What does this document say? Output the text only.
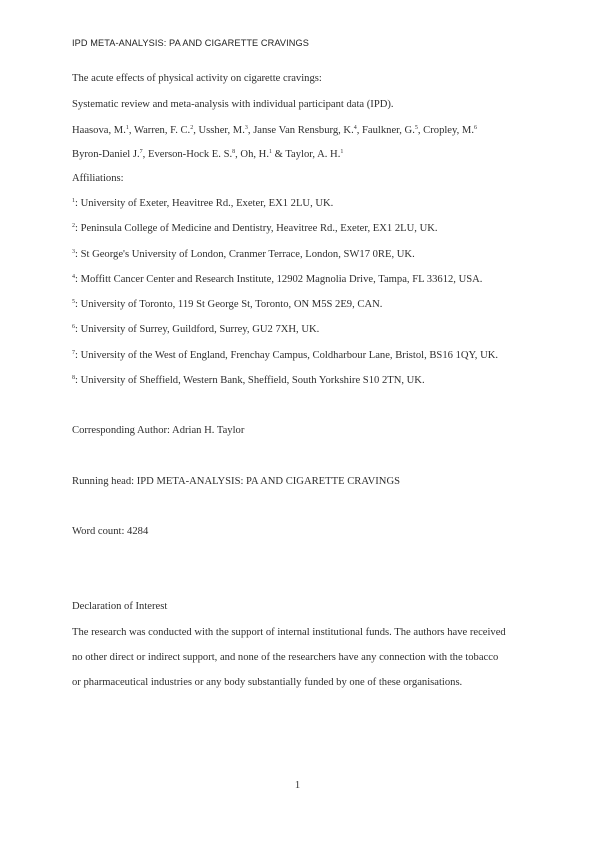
IPD META-ANALYSIS: PA AND CIGARETTE CRAVINGS
The acute effects of physical activity on cigarette cravings:
Systematic review and meta-analysis with individual participant data (IPD).
Haasova, M.$^1$, Warren, F. C.$^2$, Ussher, M.$^3$, Janse Van Rensburg, K.$^4$, Faulkner, G.$^5$, Cropley, M.$^6$
Byron-Daniel J.$^7$, Everson-Hock E. S.$^8$, Oh, H.$^1$ & Taylor, A. H.$^1$
Affiliations:
$^1$: University of Exeter, Heavitree Rd., Exeter, EX1 2LU, UK.
$^2$: Peninsula College of Medicine and Dentistry, Heavitree Rd., Exeter, EX1 2LU, UK.
$^3$: St George's University of London, Cranmer Terrace, London, SW17 0RE, UK.
$^4$: Moffitt Cancer Center and Research Institute, 12902 Magnolia Drive, Tampa, FL 33612, USA.
$^5$: University of Toronto, 119 St George St, Toronto, ON M5S 2E9, CAN.
$^6$: University of Surrey, Guildford, Surrey, GU2 7XH, UK.
$^7$: University of the West of England, Frenchay Campus, Coldharbour Lane, Bristol, BS16 1QY, UK.
$^8$: University of Sheffield, Western Bank, Sheffield, South Yorkshire S10 2TN, UK.
Corresponding Author: Adrian H. Taylor
Running head: IPD META-ANALYSIS: PA AND CIGARETTE CRAVINGS
Word count: 4284
Declaration of Interest
The research was conducted with the support of internal institutional funds. The authors have received
no other direct or indirect support, and none of the researchers have any connection with the tobacco
or pharmaceutical industries or any body substantially funded by one of these organisations.
1
